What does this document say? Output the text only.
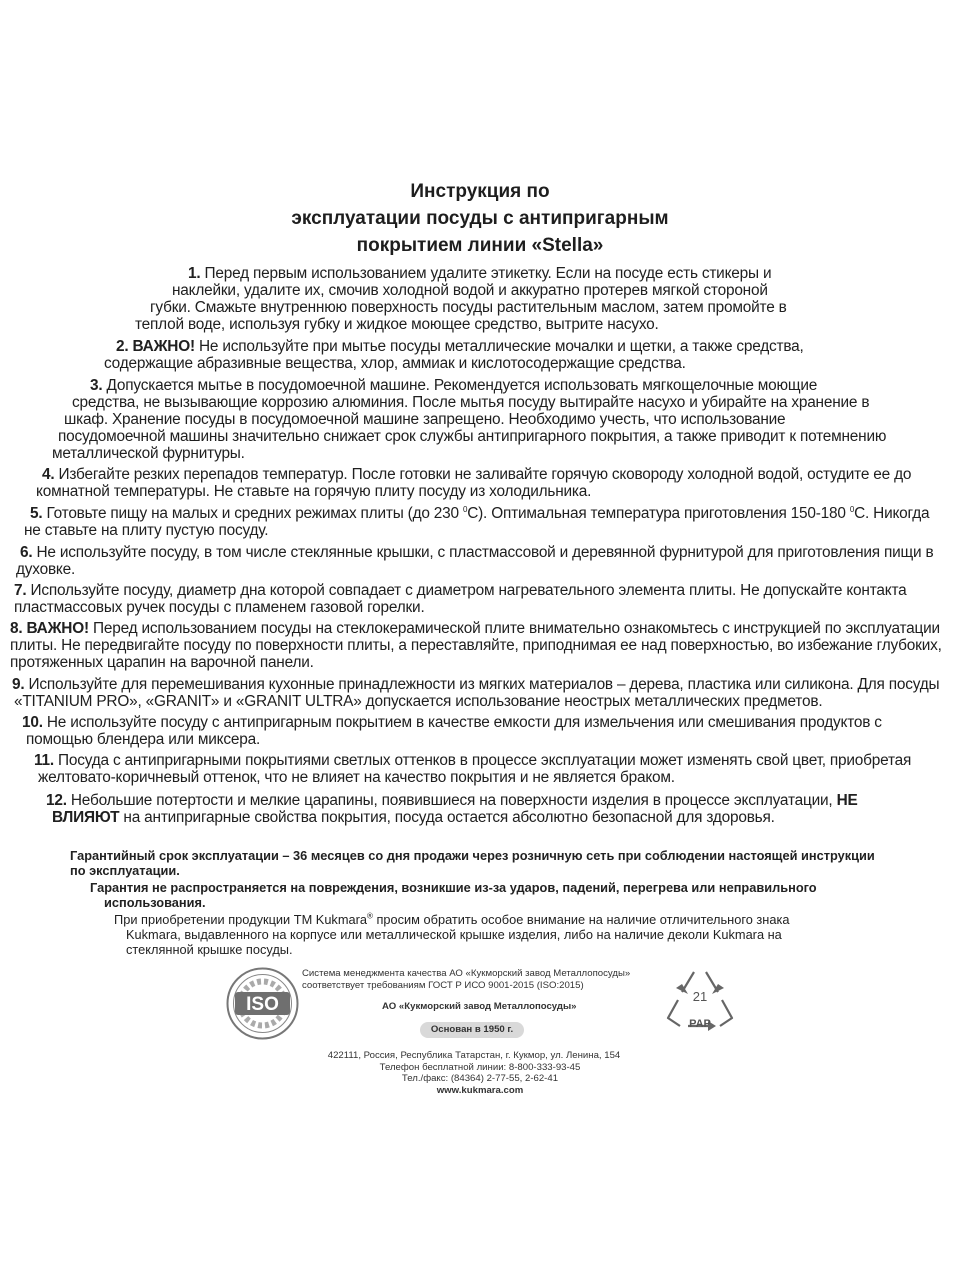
Инструкция по
эксплуатации посуды с антипригарным
покрытием линии «Stella»
1. Перед первым использованием удалите этикетку. Если на посуде есть стикеры и
наклейки, удалите их, смочив холодной водой и аккуратно протерев мягкой стороной
губки. Смажьте внутреннюю поверхность посуды растительным маслом, затем промойте в
теплой воде, используя губку и жидкое моющее средство, вытрите насухо.
2. ВАЖНО! Не используйте при мытье посуды металлические мочалки и щетки, а также средства,
содержащие абразивные вещества, хлор, аммиак и кислотосодержащие средства.
3. Допускается мытье в посудомоечной машине. Рекомендуется использовать мягкощелочные моющие
средства, не вызывающие коррозию алюминия. После мытья посуду вытирайте насухо и убирайте на хранение в
шкаф. Хранение посуды в посудомоечной машине запрещено. Необходимо учесть, что использование
посудомоечной машины значительно снижает срок службы антипригарного покрытия, а также приводит к потемнению
металлической фурнитуры.
4. Избегайте резких перепадов температур. После готовки не заливайте горячую сковороду холодной водой, остудите ее до
комнатной температуры. Не ставьте на горячую плиту посуду из холодильника.
5. Готовьте пищу на малых и средних режимах плиты (до 230 $^0$С). Оптимальная температура приготовления 150-180 $^0$С. Никогда
не ставьте на плиту пустую посуду.
6. Не используйте посуду, в том числе стеклянные крышки, с пластмассовой и деревянной фурнитурой для приготовления пищи в
духовке.
7. Используйте посуду, диаметр дна которой совпадает с диаметром нагревательного элемента плиты. Не допускайте контакта
пластмассовых ручек посуды с пламенем газовой горелки.
8. ВАЖНО! Перед использованием посуды на стеклокерамической плите внимательно ознакомьтесь с инструкцией по эксплуатации
плиты. Не передвигайте посуду по поверхности плиты, а переставляйте, приподнимая ее над поверхностью, во избежание глубоких,
протяженных царапин на варочной панели.
9. Используйте для перемешивания кухонные принадлежности из мягких материалов – дерева, пластика или силикона. Для посуды
«TITANIUM PRO», «GRANIT» и «GRANIT ULTRA» допускается использование неострых металлических предметов.
10. Не используйте посуду с антипригарным покрытием в качестве емкости для измельчения или смешивания продуктов с
помощью блендера или миксера.
11. Посуда с антипригарными покрытиями светлых оттенков в процессе эксплуатации может изменять свой цвет, приобретая
желтовато-коричневый оттенок, что не влияет на качество покрытия и не является браком.
12. Небольшие потертости и мелкие царапины, появившиеся на поверхности изделия в процессе эксплуатации, НЕ
ВЛИЯЮТ на антипригарные свойства покрытия, посуда остается абсолютно безопасной для здоровья.
Гарантийный срок эксплуатации – 36 месяцев со дня продажи через розничную сеть при соблюдении настоящей инструкции
по эксплуатации.
Гарантия не распространяется на повреждения, возникшие из-за ударов, падений, перегрева или неправильного
использования.
При приобретении продукции ТМ Kukmara® просим обратить особое внимание на наличие отличительного знака
Kukmara, выдавленного на корпусе или металлической крышке изделия, либо на наличие деколи Kukmara на
стеклянной крышке посуды.
ISO
Система менеджмента качества АО «Кукморский завод Металлопосуды»
соответствует требованиям ГОСТ Р ИСО 9001-2015 (ISO:2015)
АО «Кукморский завод Металлопосуды»
Основан в 1950 г.
21
PAP
422111, Россия, Республика Татарстан, г. Кукмор, ул. Ленина, 154
Телефон бесплатной линии: 8-800-333-93-45
Тел./факс: (84364) 2-77-55, 2-62-41
www.kukmara.com
